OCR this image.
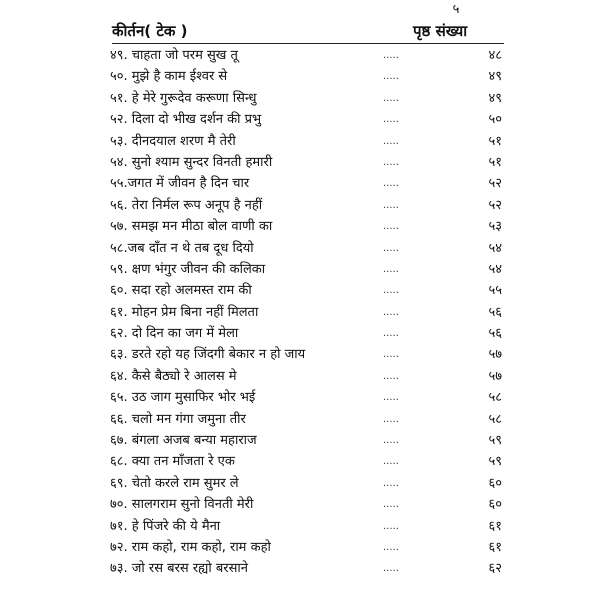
५
कीर्तन( टेक )	पृष्ठ संख्या
४९. चाहता जो परम सुख तू	.....	४८
५०. मुझे है काम ईश्वर से	.....	४९
५१. हे मेरे गुरूदेव करूणा सिन्धु	.....	४९
५२. दिला दो भीख दर्शन की प्रभु	.....	५०
५३. दीनदयाल शरण मै तेरी	.....	५१
५४. सुनो श्याम सुन्दर विनती हमारी	.....	५१
५५.जगत में जीवन है दिन चार	.....	५२
५६. तेरा निर्मल रूप अनूप है नहीं	.....	५२
५७. समझ मन मीठा बोल वाणी का	.....	५३
५८.जब दाँत न थे तब दूध दियो	.....	५४
५९. क्षण भंगुर जीवन की कलिका	.....	५४
६०. सदा रहो अलमस्त राम की	.....	५५
६१. मोहन प्रेम बिना नहीं मिलता	.....	५६
६२. दो दिन का जग में मेला	.....	५६
६३. डरते रहो यह जिंदगी बेकार न हो जाय	.....	५७
६४. कैसे बैठ्यो रे आलस मे	.....	५७
६५. उठ जाग मुसाफिर भोर भई	.....	५८
६६. चलो मन गंगा जमुना तीर	.....	५८
६७. बंगला अजब बन्या महाराज	.....	५९
६८. क्या तन माँजता रे एक	.....	५९
६९. चेतो करले राम सुमर ले	.....	६०
७०. सालगराम सुनो विनती मेरी	.....	६०
७१. हे पिंजरे की ये मैना	.....	६१
७२. राम कहो, राम कहो, राम कहो	.....	६१
७३. जो रस बरस रह्यो बरसाने	.....	६२
